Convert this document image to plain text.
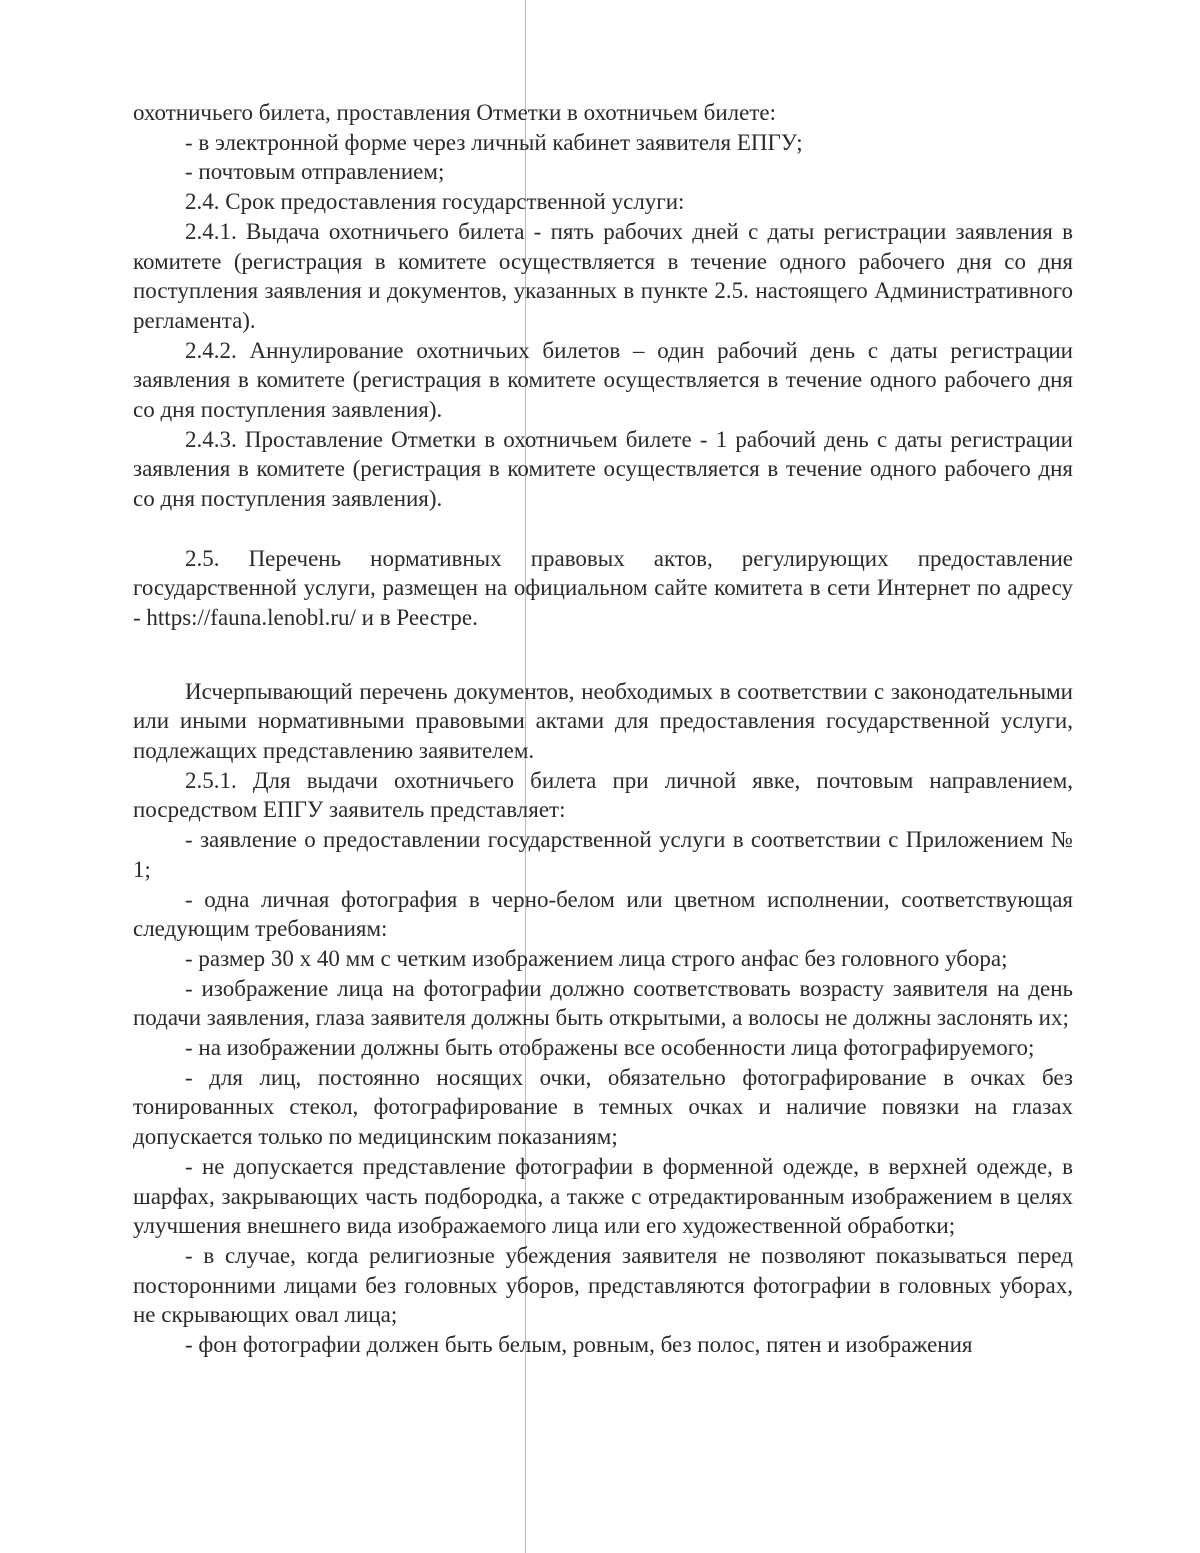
охотничьего билета, проставления Отметки в охотничьем билете:

- в электронной форме через личный кабинет заявителя ЕПГУ;

- почтовым отправлением;

2.4. Срок предоставления государственной услуги:

2.4.1. Выдача охотничьего билета - пять рабочих дней с даты регистрации заявления в комитете (регистрация в комитете осуществляется в течение одного рабочего дня со дня поступления заявления и документов, указанных в пункте 2.5. настоящего Административного регламента).

2.4.2. Аннулирование охотничьих билетов – один рабочий день с даты регистрации заявления в комитете (регистрация в комитете осуществляется в течение одного рабочего дня со дня поступления заявления).

2.4.3. Проставление Отметки в охотничьем билете - 1 рабочий день с даты регистрации заявления в комитете (регистрация в комитете осуществляется в течение одного рабочего дня со дня поступления заявления).

2.5. Перечень нормативных правовых актов, регулирующих предоставление государственной услуги, размещен на официальном сайте комитета в сети Интернет по адресу - https://fauna.lenobl.ru/ и в Реестре.

Исчерпывающий перечень документов, необходимых в соответствии с законодательными или иными нормативными правовыми актами для предоставления государственной услуги, подлежащих представлению заявителем.

2.5.1. Для выдачи охотничьего билета при личной явке, почтовым направлением, посредством ЕПГУ заявитель представляет:

- заявление о предоставлении государственной услуги в соответствии с Приложением № 1;

- одна личная фотография в черно-белом или цветном исполнении, соответствующая следующим требованиям:

- размер 30 х 40 мм с четким изображением лица строго анфас без головного убора;

- изображение лица на фотографии должно соответствовать возрасту заявителя на день подачи заявления, глаза заявителя должны быть открытыми, а волосы не должны заслонять их;

- на изображении должны быть отображены все особенности лица фотографируемого;

- для лиц, постоянно носящих очки, обязательно фотографирование в очках без тонированных стекол, фотографирование в темных очках и наличие повязки на глазах допускается только по медицинским показаниям;

- не допускается представление фотографии в форменной одежде, в верхней одежде, в шарфах, закрывающих часть подбородка, а также с отредактированным изображением в целях улучшения внешнего вида изображаемого лица или его художественной обработки;

- в случае, когда религиозные убеждения заявителя не позволяют показываться перед посторонними лицами без головных уборов, представляются фотографии в головных уборах, не скрывающих овал лица;

- фон фотографии должен быть белым, ровным, без полос, пятен и изображения
